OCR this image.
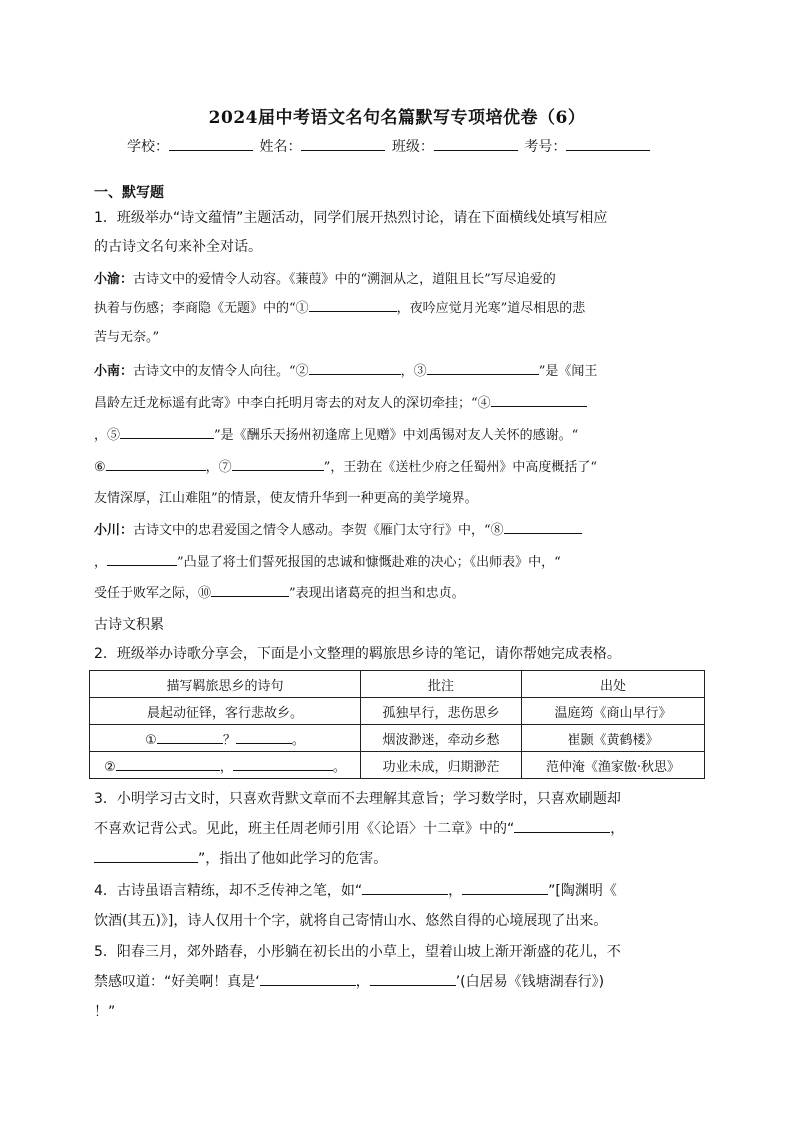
2024届中考语文名句名篇默写专项培优卷（6）
学校：	姓名：	班级：	考号：
一、默写题
1．班级举办“诗文蕴情”主题活动，同学们展开热烈讨论，请在下面横线处填写相应
的古诗文名句来补全对话。
小渝：古诗文中的爱情令人动容。《蒹葭》中的“溯洄从之，道阻且长”写尽追爱的
执着与伤感；李商隐《无题》中的“①	，夜吟应觉月光寒”道尽相思的悲
苦与无奈。”
小南：古诗文中的友情令人向往。“②	，③	”是《闻王
昌龄左迁龙标遥有此寄》中李白托明月寄去的对友人的深切牵挂；“④
，⑤	”是《酬乐天扬州初逢席上见赠》中刘禹锡对友人关怀的感谢。“
⑥	，⑦	”，王勃在《送杜少府之任蜀州》中高度概括了“
友情深厚，江山难阻”的情景，使友情升华到一种更高的美学境界。
小川：古诗文中的忠君爱国之情令人感动。李贺《雁门太守行》中，“⑧
，	”凸显了将士们誓死报国的忠诚和慷慨赴难的决心；《出师表》中，“
受任于败军之际，⑩	”表现出诸葛亮的担当和忠贞。
古诗文积累
2．班级举办诗歌分享会，下面是小文整理的羁旅思乡诗的笔记，请你帮她完成表格。
描写羁旅思乡的诗句	批注	出处
晨起动征铎，客行悲故乡。	孤独早行，悲伤思乡	温庭筠《商山早行》
① ？ 。	烟波渺迷，牵动乡愁	崔颢《黄鹤楼》
② ， 。	功业未成，归期渺茫	范仲淹《渔家傲·秋思》
3．小明学习古文时，只喜欢背默文章而不去理解其意旨；学习数学时，只喜欢刷题却
不喜欢记背公式。见此，班主任周老师引用《〈论语〉十二章》中的“	，
”，指出了他如此学习的危害。
4．古诗虽语言精练，却不乏传神之笔，如“	，	”[陶渊明《
饮酒(其五)》]，诗人仅用十个字，就将自己寄情山水、悠然自得的心境展现了出来。
5．阳春三月，郊外踏春，小彤躺在初长出的小草上，望着山坡上渐开渐盛的花儿，不
禁感叹道：“好美啊！真是‘	，	’(白居易《钱塘湖春行》)
！”
